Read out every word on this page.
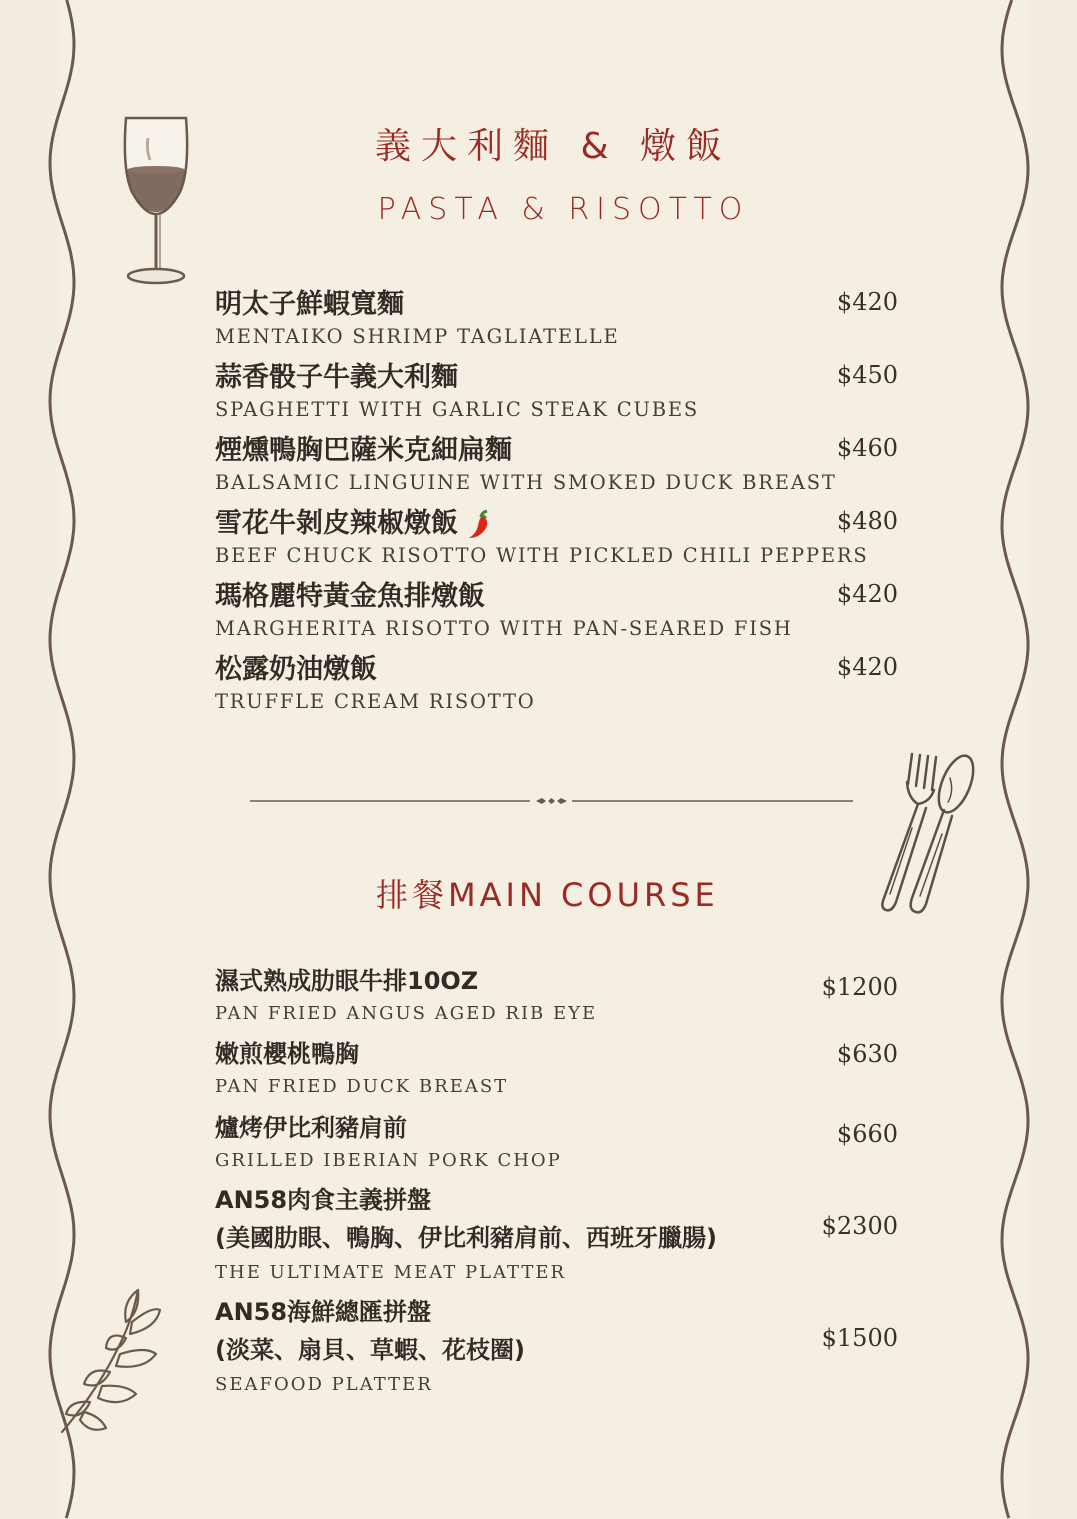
義大利麵 & 燉飯
PASTA & RISOTTO
明太子鮮蝦寬麵
MENTAIKO SHRIMP TAGLIATELLE
$420
蒜香骰子牛義大利麵
SPAGHETTI WITH GARLIC STEAK CUBES
$450
煙燻鴨胸巴薩米克細扁麵
BALSAMIC LINGUINE WITH SMOKED DUCK BREAST
$460
雪花牛剝皮辣椒燉飯
BEEF CHUCK RISOTTO WITH PICKLED CHILI PEPPERS
$480
瑪格麗特黃金魚排燉飯
MARGHERITA RISOTTO WITH PAN-SEARED FISH
$420
松露奶油燉飯
TRUFFLE CREAM RISOTTO
$420
排餐MAIN COURSE
濕式熟成肋眼牛排10OZ
PAN FRIED ANGUS AGED RIB EYE
$1200
嫩煎櫻桃鴨胸
PAN FRIED DUCK BREAST
$630
爐烤伊比利豬肩前
GRILLED IBERIAN PORK CHOP
$660
AN58肉食主義拼盤
(美國肋眼、鴨胸、伊比利豬肩前、西班牙臘腸)
THE ULTIMATE MEAT PLATTER
$2300
AN58海鮮總匯拼盤
(淡菜、扇貝、草蝦、花枝圈)
SEAFOOD PLATTER
$1500
